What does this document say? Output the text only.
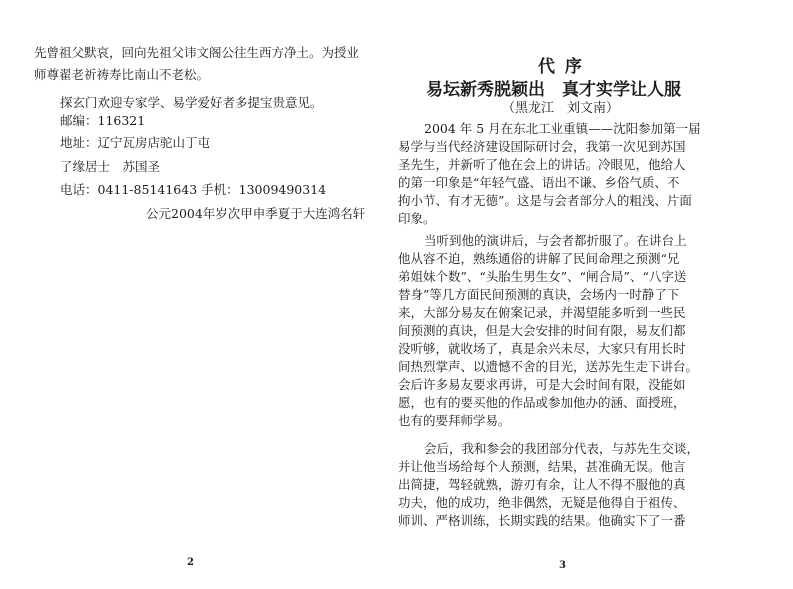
先曾祖父默哀，回向先祖父讳文阁公往生西方净土。为授业
师尊翟老祈祷寿比南山不老松。
探玄门欢迎专家学、易学爱好者多提宝贵意见。
邮编：116321
地址：辽宁瓦房店驼山丁屯
了缘居士　苏国圣
电话：0411-85141643 手机：13009490314
公元2004年岁次甲申季夏于大连鸿名轩
2
代 序
易坛新秀脱颖出　真才实学让人服
（黑龙江　刘文南）
2004 年 5 月在东北工业重镇——沈阳参加第一届
易学与当代经济建设国际研讨会，我第一次见到苏国
圣先生，并新听了他在会上的讲话。冷眼见，他给人
的第一印象是“年轻气盛、语出不谦、乡俗气质、不
拘小节、有才无德”。这是与会者部分人的粗浅、片面
印象。
当听到他的演讲后，与会者都折服了。在讲台上
他从容不迫，熟练通俗的讲解了民间命理之预测“兄
弟姐妹个数”、“头胎生男生女”、“闸合局”、“八字送
替身”等几方面民间预测的真诀，会场内一时静了下
来，大部分易友在俯案记录，并渴望能多听到一些民
间预测的真诀，但是大会安排的时间有限，易友们都
没听够，就收场了，真是余兴未尽，大家只有用长时
间热烈掌声、以遗憾不舍的目光，送苏先生走下讲台。
会后许多易友要求再讲，可是大会时间有限，没能如
愿，也有的要买他的作品或参加他办的涵、面授班，
也有的要拜师学易。
会后，我和参会的我团部分代表，与苏先生交谈，
并让他当场给每个人预测，结果，甚准确无误。他言
出简捷，驾轻就熟，游刃有余，让人不得不服他的真
功夫，他的成功，绝非偶然，无疑是他得自于祖传、
师训、严格训练，长期实践的结果。他确实下了一番
3
